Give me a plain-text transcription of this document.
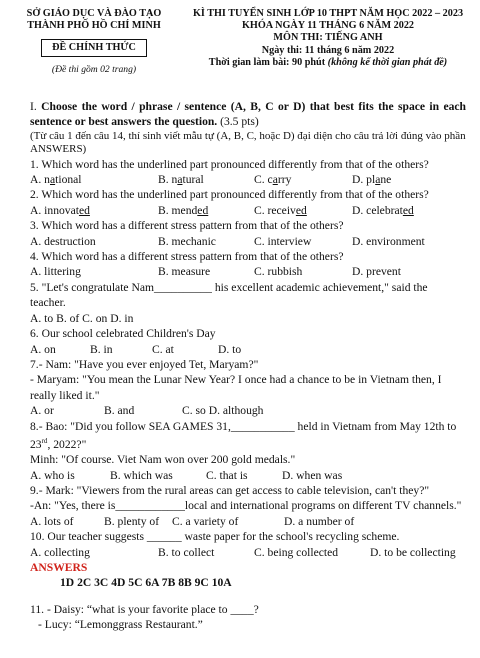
SỞ GIÁO DỤC VÀ ĐÀO TẠO
THÀNH PHỐ HỒ CHÍ MINH
ĐỀ CHÍNH THỨC
(Đề thi gồm 02 trang)
KÌ THI TUYỂN SINH LỚP 10 THPT NĂM HỌC 2022 – 2023
KHÓA NGÀY 11 THÁNG 6 NĂM 2022
MÔN THI: TIẾNG ANH
Ngày thi: 11 tháng 6 năm 2022
Thời gian làm bài: 90 phút (không kể thời gian phát đề)

I. Choose the word / phrase / sentence (A, B, C or D) that best fits the space in each sentence or best answers the question. (3.5 pts)

(Từ câu 1 đến câu 14, thí sinh viết mẫu tự (A, B, C, hoặc D) đại diện cho câu trả lời đúng vào phần ANSWERS)

1. Which word has the underlined part pronounced differently from that of the others?

A. national	B. natural	C. carry	D. plane

2. Which word has the underlined part pronounced differently from that of the others?

A. innovated	B. mended	C. received	D. celebrated

3. Which word has a different stress pattern from that of the others?

A. destruction	B. mechanic	C. interview	D. environment

4. Which word has a different stress pattern from that of the others?

A. littering	B. measure	C. rubbish	D. prevent

5. "Let's congratulate Nam__________ his excellent academic achievement," said the teacher.

A. to B. of C. on D. in

6. Our school celebrated Children's Day

A. on	B. in	C. at	D. to

7.- Nam: "Have you ever enjoyed Tet, Maryam?"

- Maryam: "You mean the Lunar New Year? I once had a chance to be in Vietnam then, I really liked it."

A. or	B. and	C. so D. although

8.- Bao: "Did you follow SEA GAMES 31,___________ held in Vietnam from May 12th to 23rd, 2022?"

Minh: "Of course. Viet Nam won over 200 gold medals."

A. who is	B. which was	C. that is	D. when was

9.- Mark: "Viewers from the rural areas can get access to cable television, can't they?"

-An: "Yes, there is____________local and international programs on different TV channels."

A. lots of	B. plenty of	C. a variety of	D. a number of

10. Our teacher suggests ______ waste paper for the school's recycling scheme.

A. collecting	B. to collect	C. being collected	D. to be collecting

ANSWERS

1D 2C 3C 4D 5C 6A 7B 8B 9C 10A

11. - Daisy: “what is your favorite place to ____?

- Lucy: “Lemonggrass Restaurant.”
